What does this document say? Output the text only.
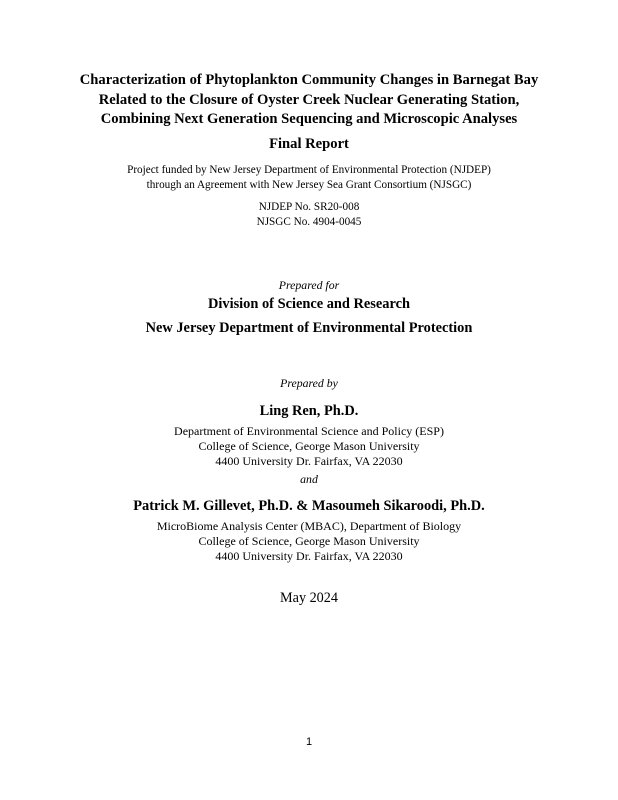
Characterization of Phytoplankton Community Changes in Barnegat Bay
Related to the Closure of Oyster Creek Nuclear Generating Station,
Combining Next Generation Sequencing and Microscopic Analyses
Final Report
Project funded by New Jersey Department of Environmental Protection (NJDEP)
through an Agreement with New Jersey Sea Grant Consortium (NJSGC)
NJDEP No. SR20-008
NJSGC No. 4904-0045
Prepared for
Division of Science and Research
New Jersey Department of Environmental Protection
Prepared by
Ling Ren, Ph.D.
Department of Environmental Science and Policy (ESP)
College of Science, George Mason University
4400 University Dr. Fairfax, VA 22030
and
Patrick M. Gillevet, Ph.D. & Masoumeh Sikaroodi, Ph.D.
MicroBiome Analysis Center (MBAC), Department of Biology
College of Science, George Mason University
4400 University Dr. Fairfax, VA 22030
May 2024
1
